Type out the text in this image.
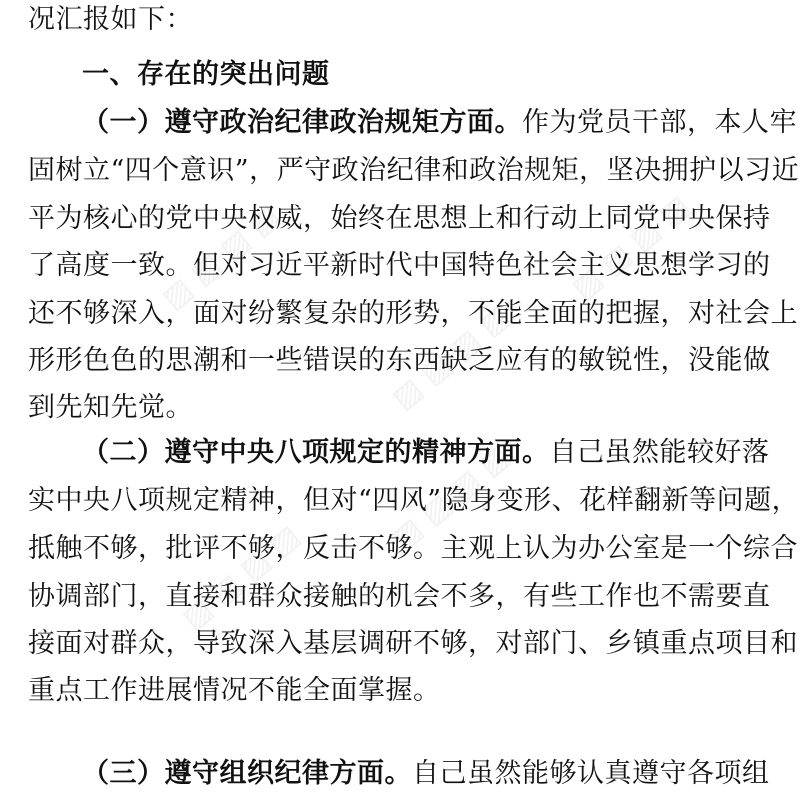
▨ ▨ ▨ ▨
▨ ▨ ▨ ▨
▨ ▨ ▨ ▨
▨ ▨ ▨ ▨
▨ ▨ ▨ ▨
况汇报如下：
一、存在的突出问题
（一）遵守政治纪律政治规矩方面。作为党员干部，本人牢
固树立“四个意识”，严守政治纪律和政治规矩，坚决拥护以习近
平为核心的党中央权威，始终在思想上和行动上同党中央保持
了高度一致。但对习近平新时代中国特色社会主义思想学习的
还不够深入，面对纷繁复杂的形势，不能全面的把握，对社会上
形形色色的思潮和一些错误的东西缺乏应有的敏锐性，没能做
到先知先觉。
（二）遵守中央八项规定的精神方面。自己虽然能较好落
实中央八项规定精神，但对“四风”隐身变形、花样翻新等问题，
抵触不够，批评不够，反击不够。主观上认为办公室是一个综合
协调部门，直接和群众接触的机会不多，有些工作也不需要直
接面对群众，导致深入基层调研不够，对部门、乡镇重点项目和
重点工作进展情况不能全面掌握。
（三）遵守组织纪律方面。自己虽然能够认真遵守各项组
